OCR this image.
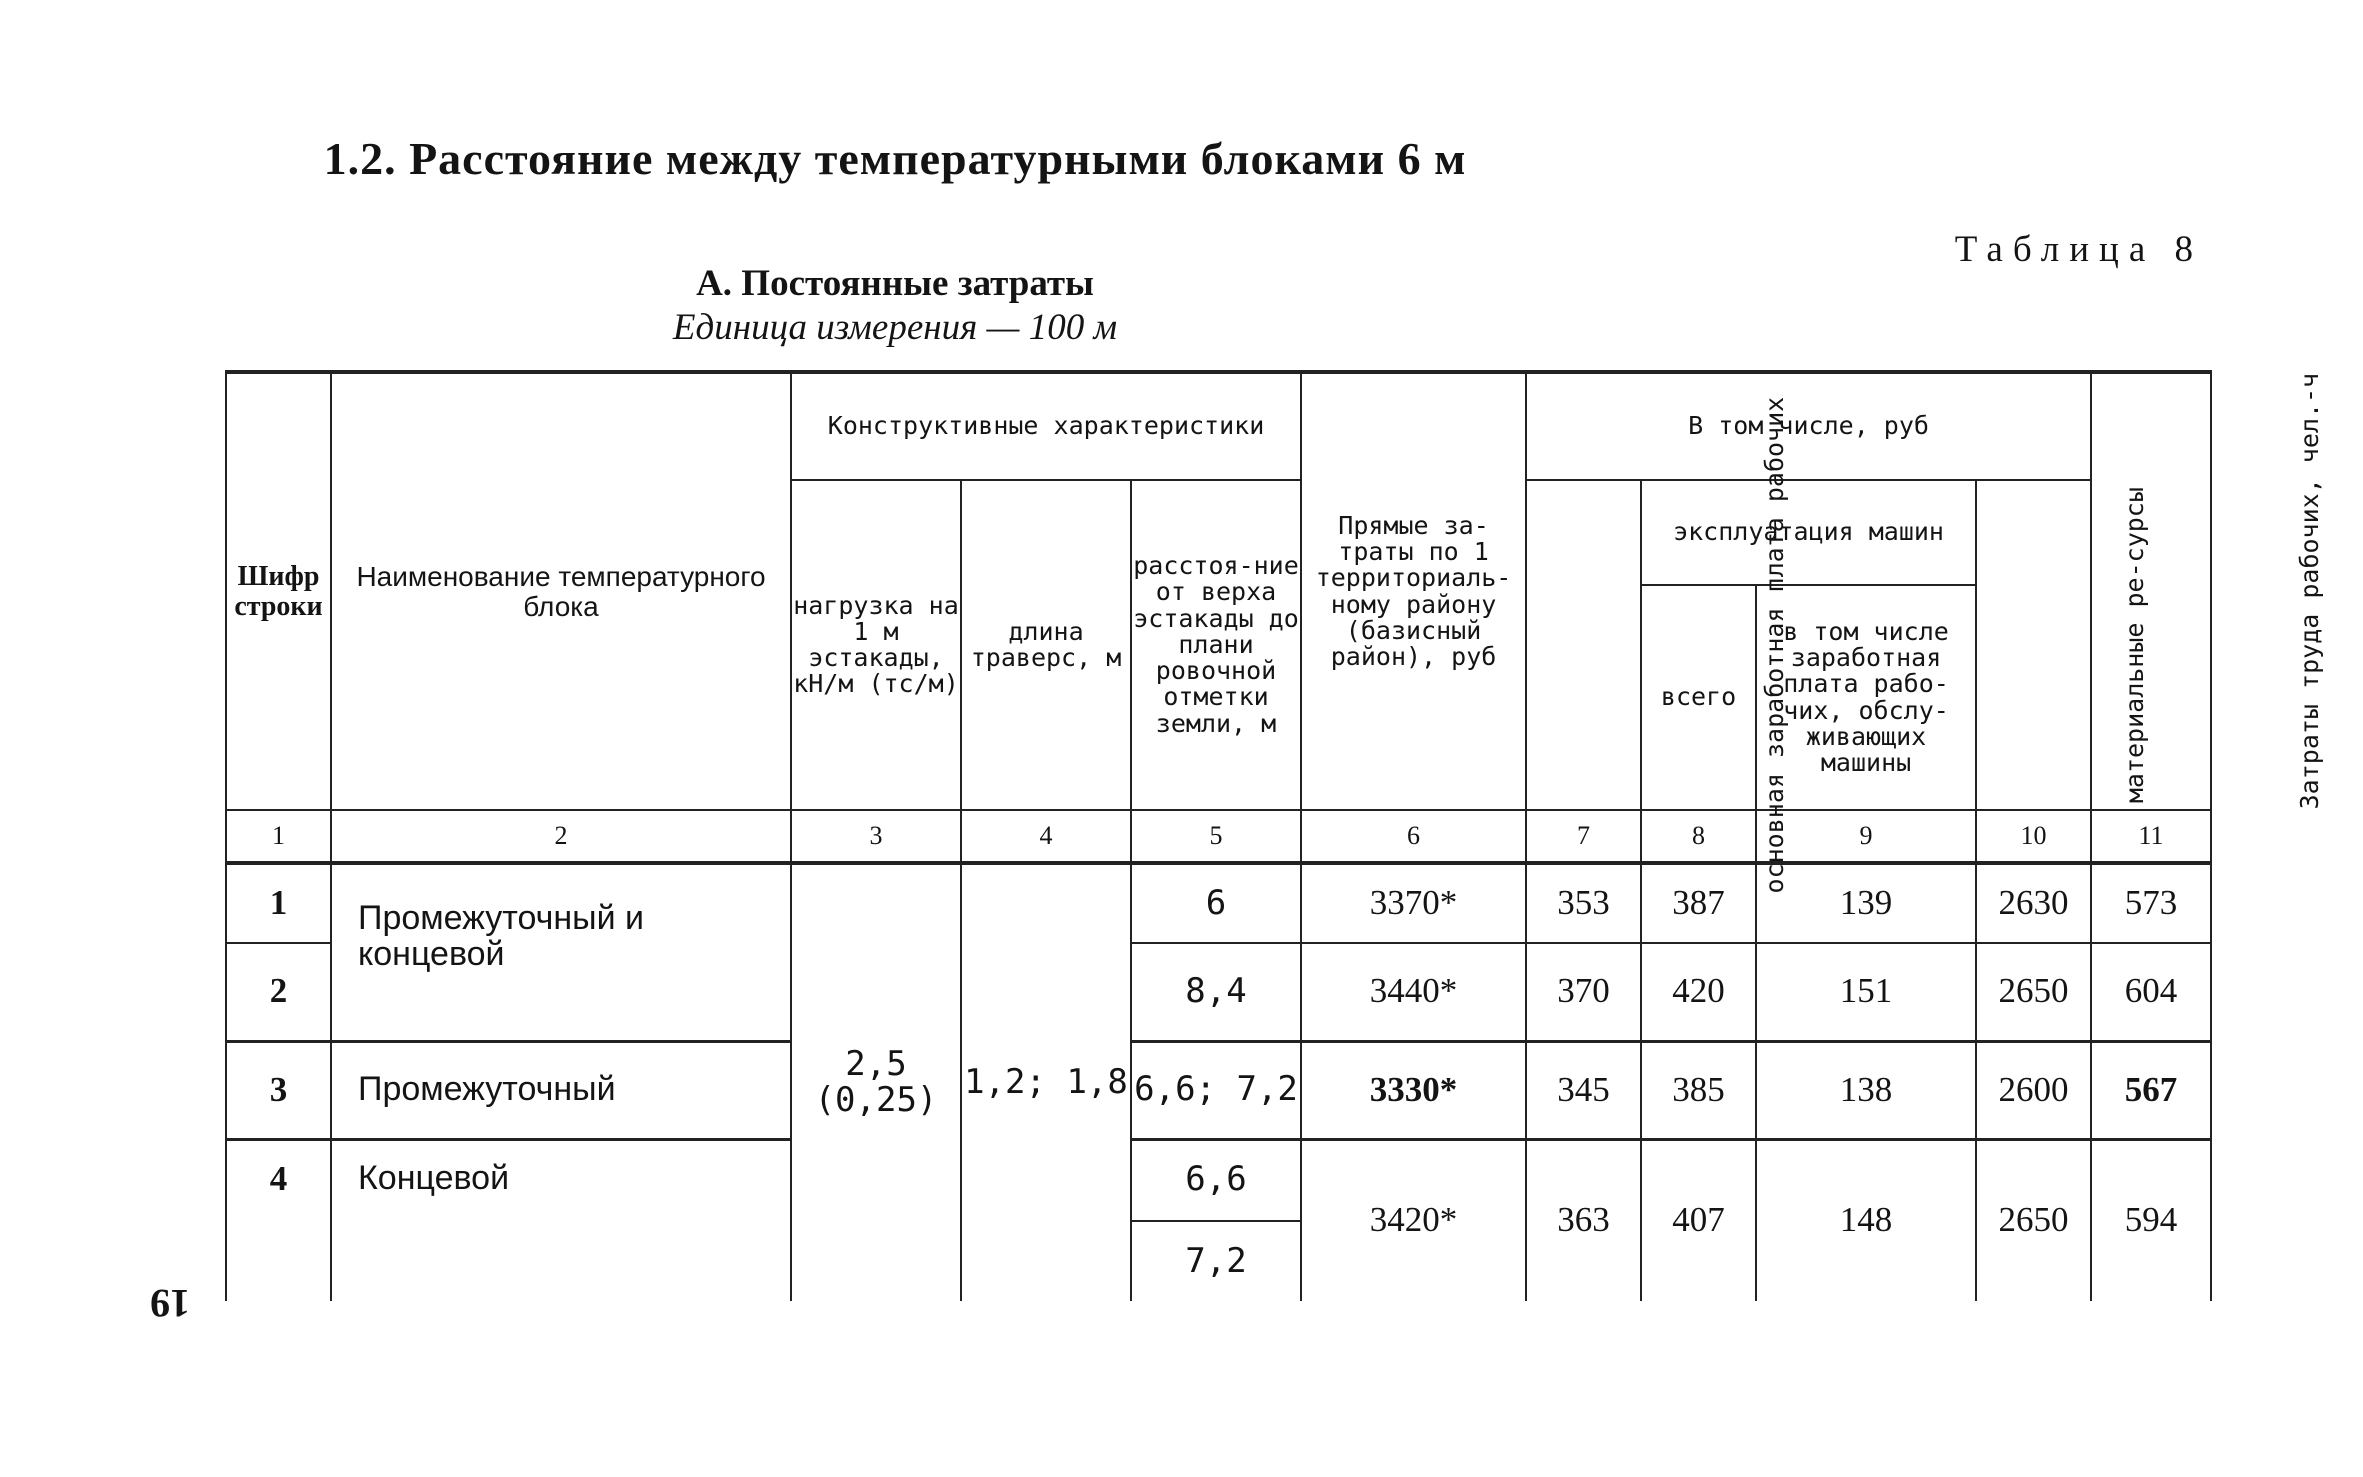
1.2. Расстояние между температурными блоками 6 м
Таблица 8
А. Постоянные затраты
Единица измерения — 100 м
19
Шифр строки	Наименование температурного блока	Конструктивные характеристики			Прямые за-траты по 1 территориаль-ному району (базисный район), руб	В том числе, руб				Затраты труда рабочих, чел.-ч
		нагрузка на 1 м эстакады, кН/м (тс/м)	длина траверс, м	расстоя-ние от верха эстакады до плани ровочной отметки земли, м		основная заработная плата рабочих	эксплуатация машин		материальные ре-сурсы	
							всего	в том числе заработная плата рабо-чих, обслу-живающих машины		
1	2	3	4	5	6	7	8	9	10	11
1	Промежуточный и концевой	2,5 (0,25)	1,2; 1,8	6	3370*	353	387	139	2630	573
2				8,4	3440*	370	420	151	2650	604
3	Промежуточный			6,6; 7,2	3330*	345	385	138	2600	567
4	Концевой			6,6	3420*	363	407	148	2650	594
				7,2						
